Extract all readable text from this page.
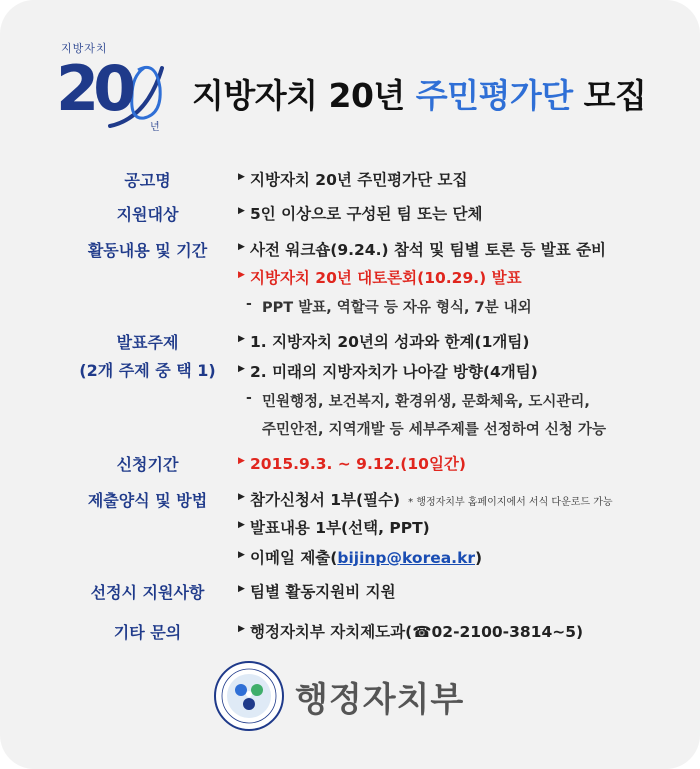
지방자치
20
년
지방자치 20년 주민평가단 모집
공고명
지원대상
활동내용 및 기간
발표주제
(2개 주제 중 택 1)
신청기간
제출양식 및 방법
선정시 지원사항
기타 문의
▶ 지방자치 20년 주민평가단 모집
▶ 5인 이상으로 구성된 팀 또는 단체
▶ 사전 워크숍(9.24.) 참석 및 팀별 토론 등 발표 준비
▶ 지방자치 20년 대토론회(10.29.) 발표
- PPT 발표, 역할극 등 자유 형식, 7분 내외
▶ 1. 지방자치 20년의 성과와 한계(1개팀)
▶ 2. 미래의 지방자치가 나아갈 방향(4개팀)
- 민원행정, 보건복지, 환경위생, 문화체육, 도시관리,
주민안전, 지역개발 등 세부주제를 선정하여 신청 가능
▶ 2015.9.3. ~ 9.12.(10일간)
▶ 참가신청서 1부(필수) * 행정자치부 홈페이지에서 서식 다운로드 가능
▶ 발표내용 1부(선택, PPT)
▶ 이메일 제출(bijinp@korea.kr)
▶ 팀별 활동지원비 지원
▶ 행정자치부 자치제도과(☎02-2100-3814~5)
행정자치부
